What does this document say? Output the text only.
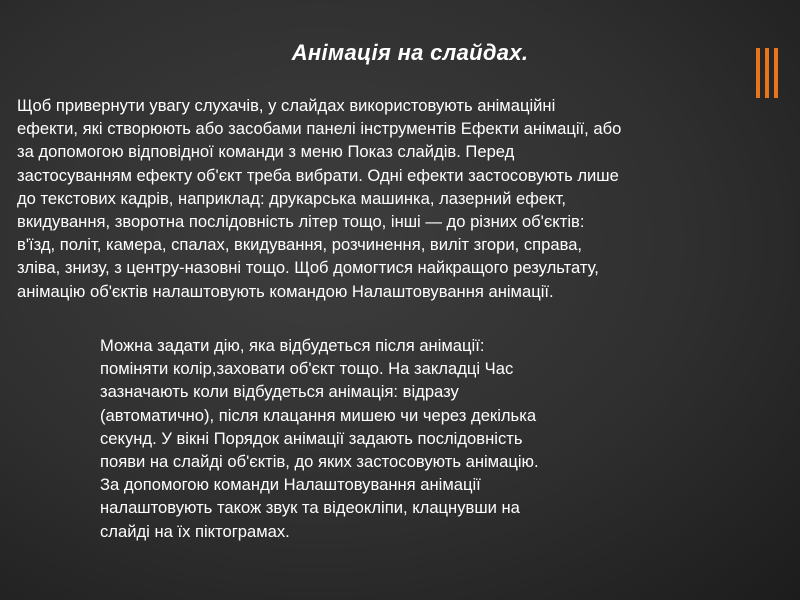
Анімація на слайдах.

Щоб привернути увагу слухачів, у слайдах використовують анімаційні
ефекти, які створюють або засобами панелі інструментів Ефекти анімації, або
за допомогою відповідної команди з меню Показ слайдів. Перед
застосуванням ефекту об'єкт треба вибрати. Одні ефекти застосовують лише
до текстових кадрів, наприклад: друкарська машинка, лазерний ефект,
вкидування, зворотна послідовність літер тощо, інші — до різних об'єктів:
в'їзд, політ, камера, спалах, вкидування, розчинення, виліт згори, справа,
зліва, знизу, з центру-назовні тощо. Щоб домогтися найкращого результату,
анімацію об'єктів налаштовують командою Налаштовування анімації.

Можна задати дію, яка відбудеться після анімації:
поміняти колір,заховати об'єкт тощо. На закладці Час
зазначають коли відбудеться анімація: відразу
(автоматично), після клацання мишею чи через декілька
секунд. У вікні Порядок анімації задають послідовність
появи на слайді об'єктів, до яких застосовують анімацію.
За допомогою команди Налаштовування анімації
налаштовують також звук та відеокліпи, клацнувши на
слайді на їх піктограмах.
